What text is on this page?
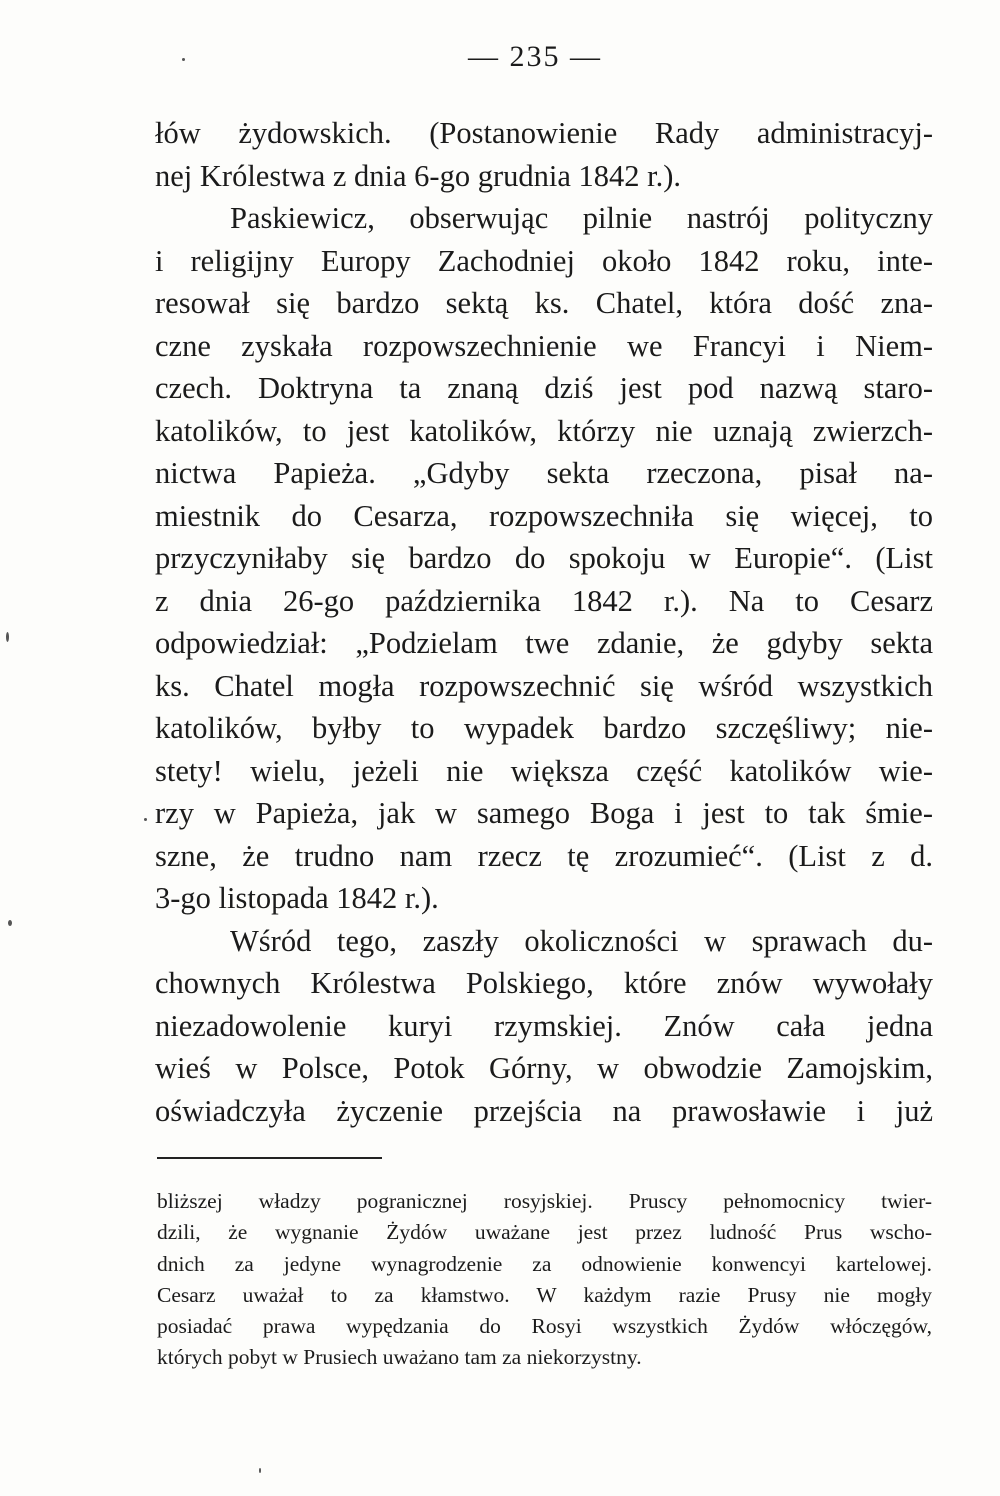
— 235 —
łów żydowskich. (Postanowienie Rady administracyj-
nej Królestwa z dnia 6-go grudnia 1842 r.).
Paskiewicz, obserwując pilnie nastrój polityczny
i religijny Europy Zachodniej około 1842 roku, inte-
resował się bardzo sektą ks. Chatel, która dość zna-
czne zyskała rozpowszechnienie we Francyi i Niem-
czech. Doktryna ta znaną dziś jest pod nazwą staro-
katolików, to jest katolików, którzy nie uznają zwierzch-
nictwa Papieża. „Gdyby sekta rzeczona, pisał na-
miestnik do Cesarza, rozpowszechniła się więcej, to
przyczyniłaby się bardzo do spokoju w Europie“. (List
z dnia 26-go października 1842 r.). Na to Cesarz
odpowiedział: „Podzielam twe zdanie, że gdyby sekta
ks. Chatel mogła rozpowszechnić się wśród wszystkich
katolików, byłby to wypadek bardzo szczęśliwy; nie-
stety! wielu, jeżeli nie większa część katolików wie-
rzy w Papieża, jak w samego Boga i jest to tak śmie-
szne, że trudno nam rzecz tę zrozumieć“. (List z d.
3-go listopada 1842 r.).
Wśród tego, zaszły okoliczności w sprawach du-
chownych Królestwa Polskiego, które znów wywołały
niezadowolenie kuryi rzymskiej. Znów cała jedna
wieś w Polsce, Potok Górny, w obwodzie Zamojskim,
oświadczyła życzenie przejścia na prawosławie i już
bliższej władzy pogranicznej rosyjskiej. Pruscy pełnomocnicy twier-
dzili, że wygnanie Żydów uważane jest przez ludność Prus wscho-
dnich za jedyne wynagrodzenie za odnowienie konwencyi kartelowej.
Cesarz uważał to za kłamstwo. W każdym razie Prusy nie mogły
posiadać prawa wypędzania do Rosyi wszystkich Żydów włóczęgów,
których pobyt w Prusiech uważano tam za niekorzystny.
